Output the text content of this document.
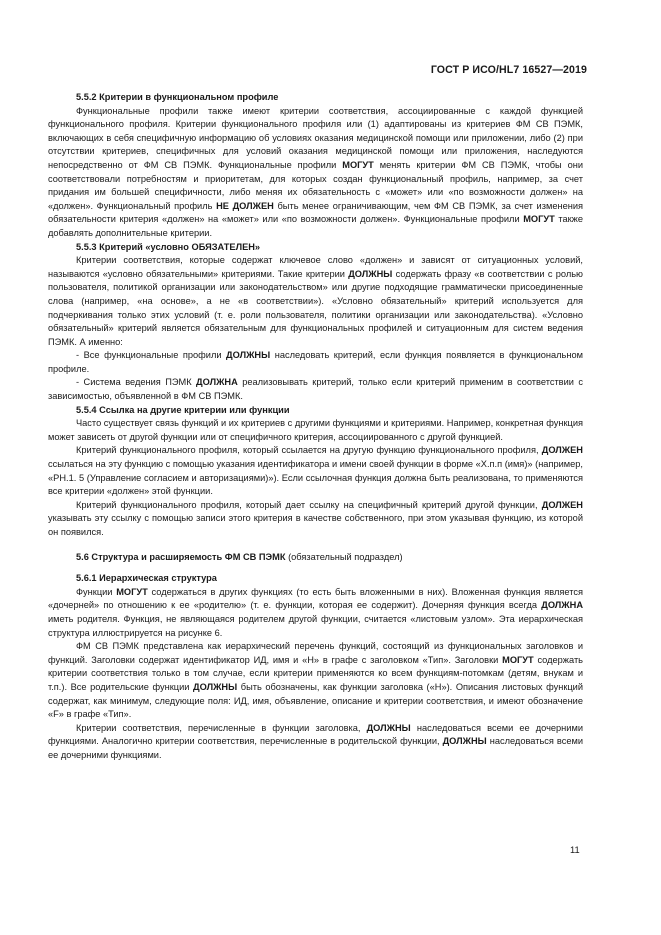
ГОСТ Р ИСО/HL7 16527—2019
5.5.2 Критерии в функциональном профиле

Функциональные профили также имеют критерии соответствия, ассоциированные с каждой функцией функционального профиля. Критерии функционального профиля или (1) адаптированы из критериев ФМ СВ ПЭМК, включающих в себя специфичную информацию об условиях оказания медицинской помощи или приложении, либо (2) при отсутствии критериев, специфичных для условий оказания медицинской помощи или приложения, наследуются непосредственно от ФМ СВ ПЭМК. Функциональные профили МОГУТ менять критерии ФМ СВ ПЭМК, чтобы они соответствовали потребностям и приоритетам, для которых создан функциональный профиль, например, за счет придания им большей специфичности, либо меняя их обязательность с «может» или «по возможности должен» на «должен». Функциональный профиль НЕ ДОЛЖЕН быть менее ограничивающим, чем ФМ СВ ПЭМК, за счет изменения обязательности критерия «должен» на «может» или «по возможности должен». Функциональные профили МОГУТ также добавлять дополнительные критерии.

5.5.3 Критерий «условно ОБЯЗАТЕЛЕН»

Критерии соответствия, которые содержат ключевое слово «должен» и зависят от ситуационных условий, называются «условно обязательными» критериями. Такие критерии ДОЛЖНЫ содержать фразу «в соответствии с ролью пользователя, политикой организации или законодательством» или другие подходящие грамматически присоединенные слова (например, «на основе», а не «в соответствии»). «Условно обязательный» критерий используется для подчеркивания только этих условий (т. е. роли пользователя, политики организации или законодательства). «Условно обязательный» критерий является обязательным для функциональных профилей и ситуационным для систем ведения ПЭМК. А именно:

- Все функциональные профили ДОЛЖНЫ наследовать критерий, если функция появляется в функциональном профиле.

- Система ведения ПЭМК ДОЛЖНА реализовывать критерий, только если критерий применим в соответствии с зависимостью, объявленной в ФМ СВ ПЭМК.

5.5.4 Ссылка на другие критерии или функции

Часто существует связь функций и их критериев с другими функциями и критериями. Например, конкретная функция может зависеть от другой функции или от специфичного критерия, ассоциированного с другой функцией.

Критерий функционального профиля, который ссылается на другую функцию функционального профиля, ДОЛЖЕН ссылаться на эту функцию с помощью указания идентификатора и имени своей функции в форме «Х.п.п (имя)» (например, «РН.1. 5 (Управление согласием и авторизациями)»). Если ссылочная функция должна быть реализована, то применяются все критерии «должен» этой функции.

Критерий функционального профиля, который дает ссылку на специфичный критерий другой функции, ДОЛЖЕН указывать эту ссылку с помощью записи этого критерия в качестве собственного, при этом указывая функцию, из которой он появился.

5.6 Структура и расширяемость ФМ СВ ПЭМК (обязательный подраздел)
5.6.1 Иерархическая структура

Функции МОГУТ содержаться в других функциях (то есть быть вложенными в них). Вложенная функция является «дочерней» по отношению к ее «родителю» (т. е. функции, которая ее содержит). Дочерняя функция всегда ДОЛЖНА иметь родителя. Функция, не являющаяся родителем другой функции, считается «листовым узлом». Эта иерархическая структура иллюстрируется на рисунке 6.

ФМ СВ ПЭМК представлена как иерархический перечень функций, состоящий из функциональных заголовков и функций. Заголовки содержат идентификатор ИД, имя и «Н» в графе с заголовком «Тип». Заголовки МОГУТ содержать критерии соответствия только в том случае, если критерии применяются ко всем функциям-потомкам (детям, внукам и т.п.). Все родительские функции ДОЛЖНЫ быть обозначены, как функции заголовка («Н»). Описания листовых функций содержат, как минимум, следующие поля: ИД, имя, объявление, описание и критерии соответствия, и имеют обозначение «F» в графе «Тип».

Критерии соответствия, перечисленные в функции заголовка, ДОЛЖНЫ наследоваться всеми ее дочерними функциями. Аналогично критерии соответствия, перечисленные в родительской функции, ДОЛЖНЫ наследоваться всеми ее дочерними функциями.

11
